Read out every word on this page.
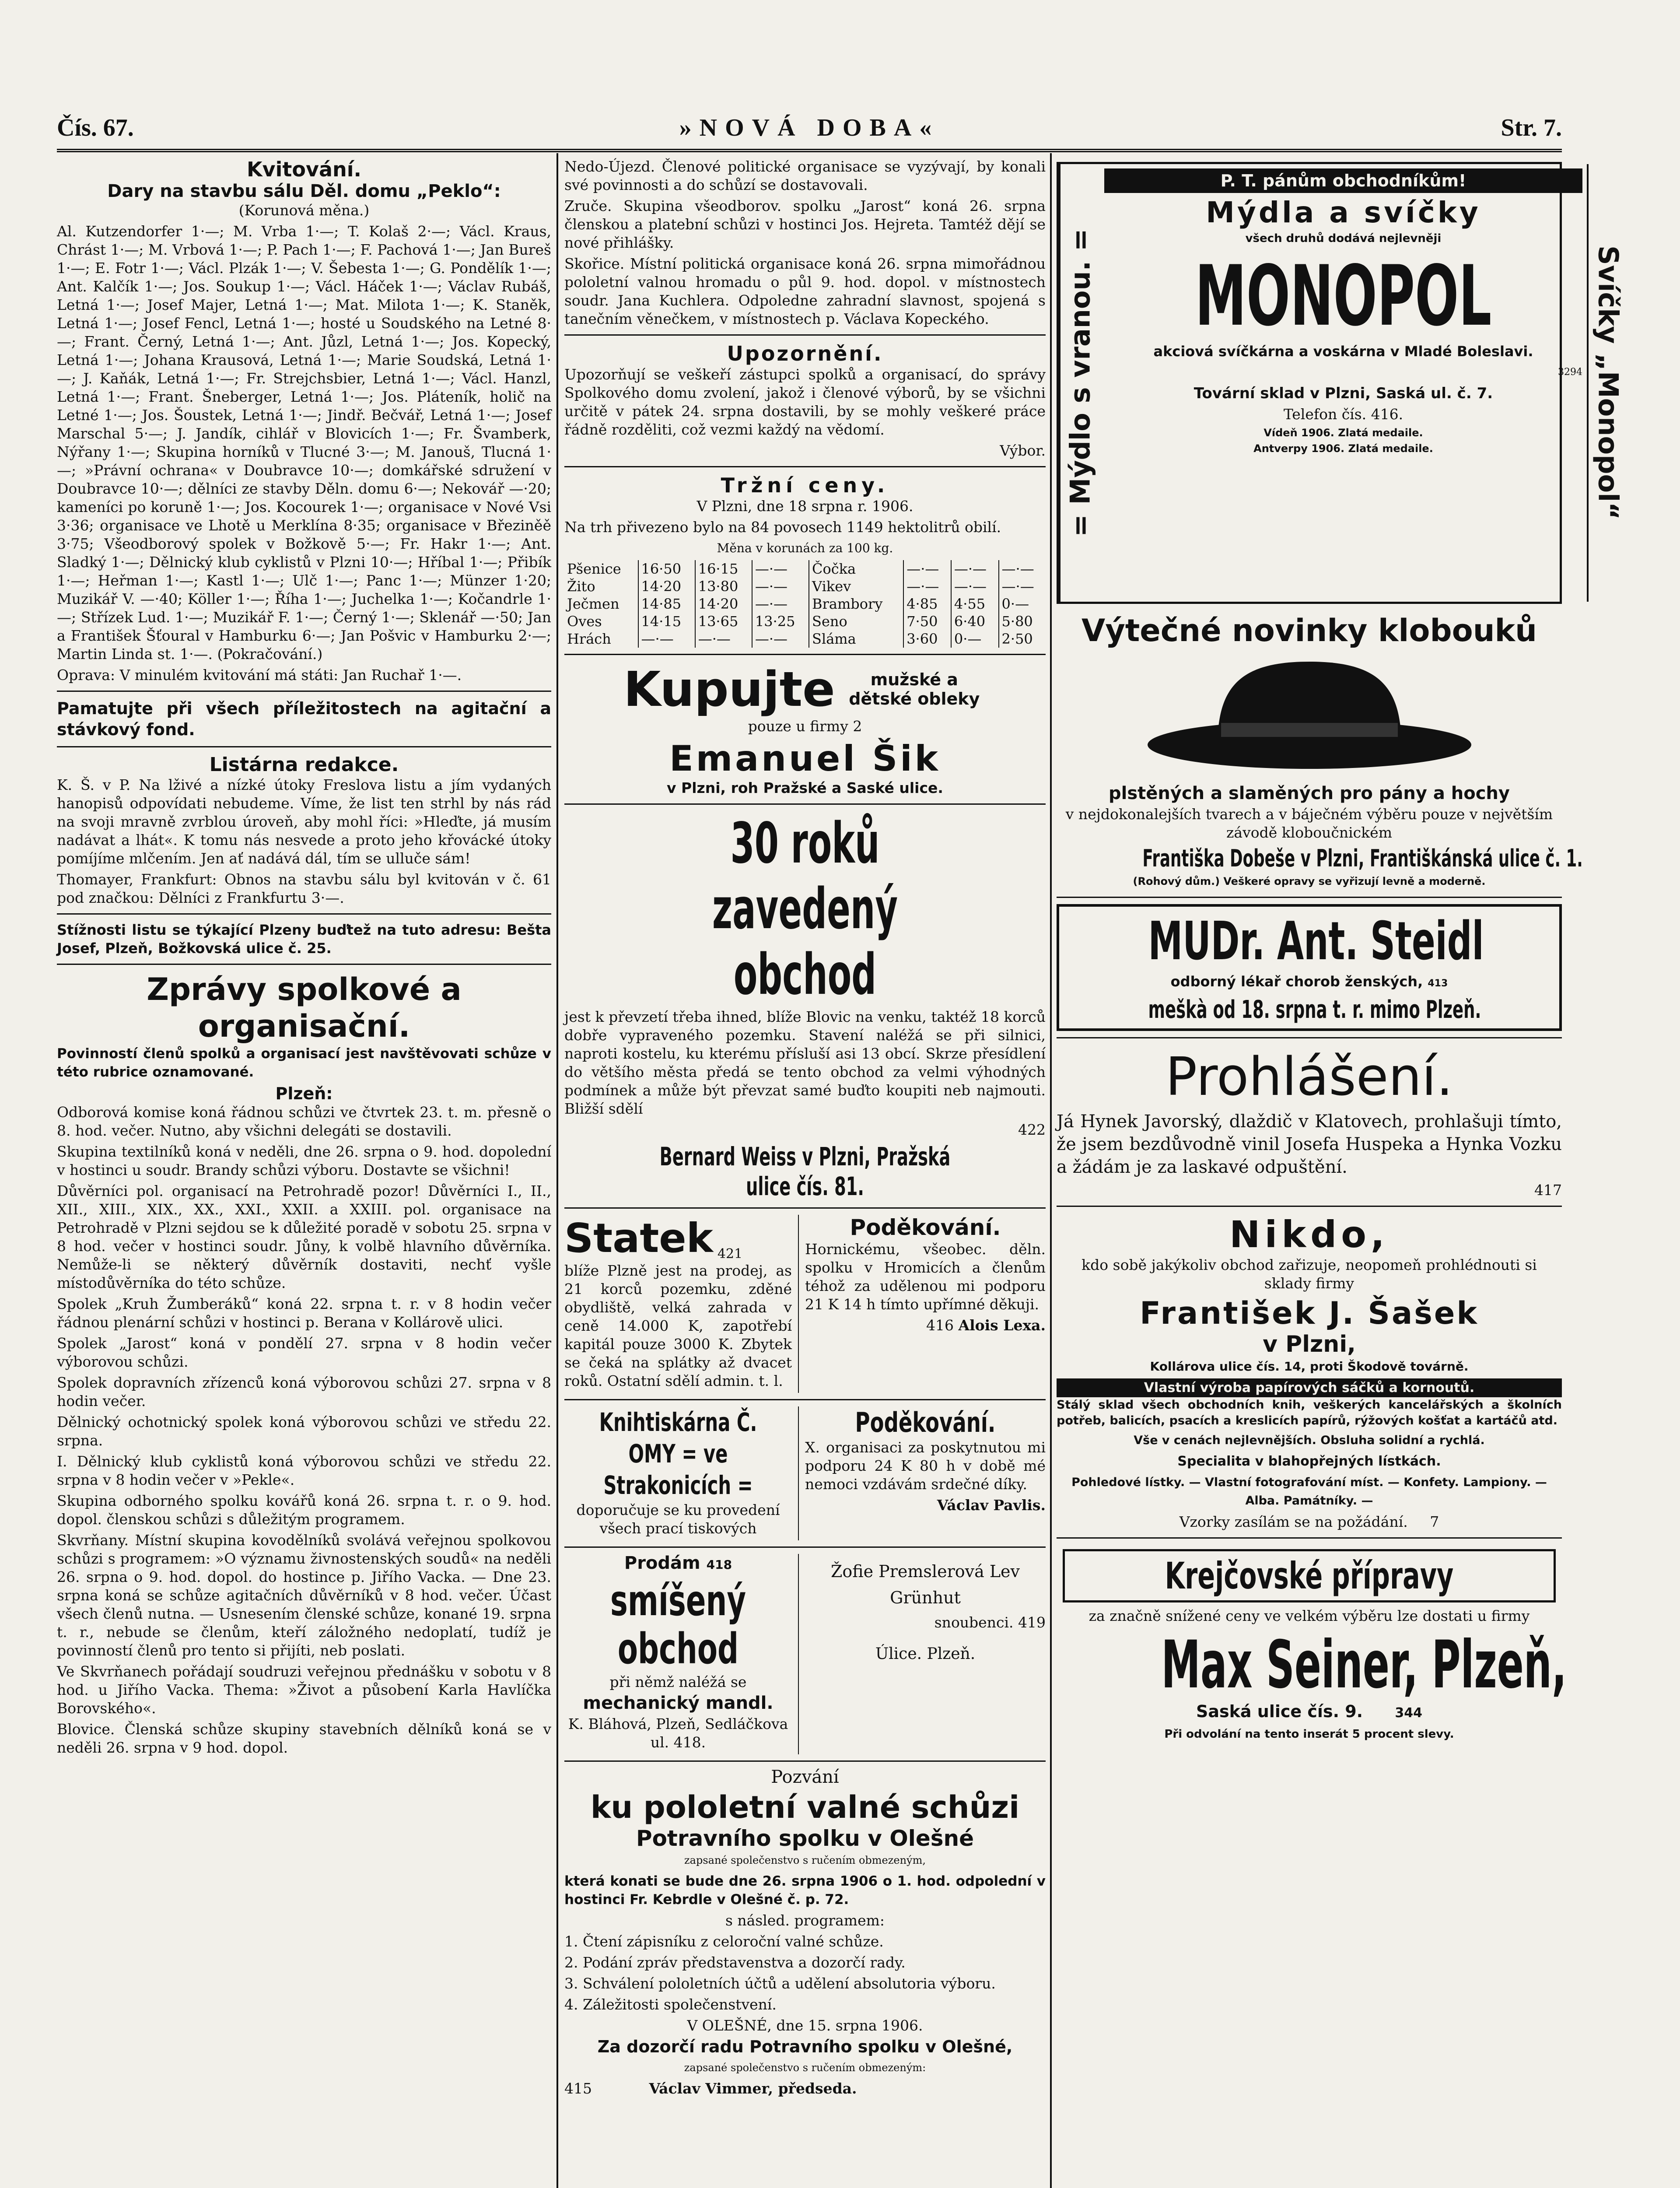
Čís. 67.	»NOVÁ DOBA«	Str. 7.
Kvitování.
Dary na stavbu sálu Děl. domu „Peklo“:

(Korunová měna.)

Al. Kutzendorfer 1·—; M. Vrba 1·—; T. Kolaš 2·—; Václ. Kraus, Chrást 1·—; M. Vrbová 1·—; P. Pach 1·—; F. Pachová 1·—; Jan Bureš 1·—; E. Fotr 1·—; Václ. Plzák 1·—; V. Šebesta 1·—; G. Pondělík 1·—; Ant. Kalčík 1·—; Jos. Soukup 1·—; Václ. Háček 1·—; Václav Rubáš, Letná 1·—; Josef Majer, Letná 1·—; Mat. Milota 1·—; K. Staněk, Letná 1·—; Josef Fencl, Letná 1·—; hosté u Soudského na Letné 8·—; Frant. Černý, Letná 1·—; Ant. Jůzl, Letná 1·—; Jos. Kopecký, Letná 1·—; Johana Krausová, Letná 1·—; Marie Soudská, Letná 1·—; J. Kaňák, Letná 1·—; Fr. Strejchsbier, Letná 1·—; Václ. Hanzl, Letná 1·—; Frant. Šneberger, Letná 1·—; Jos. Pláteník, holič na Letné 1·—; Jos. Šoustek, Letná 1·—; Jindř. Bečvář, Letná 1·—; Josef Marschal 5·—; J. Jandík, cihlář v Blovicích 1·—; Fr. Švamberk, Nýřany 1·—; Skupina horníků v Tlucné 3·—; M. Janouš, Tlucná 1·—; »Právní ochrana« v Doubravce 10·—; domkářské sdružení v Doubravce 10·—; dělníci ze stavby Děln. domu 6·—; Nekovář —·20; kameníci po koruně 1·—; Jos. Kocourek 1·—; organisace v Nové Vsi 3·36; organisace ve Lhotě u Merklína 8·35; organisace v Březiněě 3·75; Všeodborový spolek v Božkově 5·—; Fr. Hakr 1·—; Ant. Sladký 1·—; Dělnický klub cyklistů v Plzni 10·—; Hříbal 1·—; Přibík 1·—; Heřman 1·—; Kastl 1·—; Ulč 1·—; Panc 1·—; Münzer 1·20; Muzikář V. —·40; Köller 1·—; Říha 1·—; Juchelka 1·—; Kočandrle 1·—; Střízek Lud. 1·—; Muzikář F. 1·—; Černý 1·—; Sklenář —·50; Jan a František Šťoural v Hamburku 6·—; Jan Pošvic v Hamburku 2·—; Martin Linda st. 1·—. (Pokračování.)

Oprava: V minulém kvitování má státi: Jan Ruchař 1·—.

Pamatujte při všech příležitostech na agitační a stávkový fond.

Listárna redakce.

K. Š. v P. Na lživé a nízké útoky Freslova listu a jím vydaných hanopisů odpovídati nebudeme. Víme, že list ten strhl by nás rád na svoji mravně zvrblou úroveň, aby mohl říci: »Hleďte, já musím nadávat a lhát«. K tomu nás nesvede a proto jeho křovácké útoky pomíjíme mlčením. Jen ať nadává dál, tím se ulluče sám!

Thomayer, Frankfurt: Obnos na stavbu sálu byl kvitován v č. 61 pod značkou: Dělníci z Frankfurtu 3·—.

Stížnosti listu se týkající Plzeny buďtež na tuto adresu: Bešta Josef, Plzeň, Božkovská ulice č. 25.

Zprávy spolkové a organisační.

Povinností členů spolků a organisací jest navštěvovati schůze v této rubrice oznamované.

Plzeň:

Odborová komise koná řádnou schůzi ve čtvrtek 23. t. m. přesně o 8. hod. večer. Nutno, aby všichni delegáti se dostavili.

Skupina textilníků koná v neděli, dne 26. srpna o 9. hod. dopolední v hostinci u soudr. Brandy schůzi výboru. Dostavte se všichni!

Důvěrníci pol. organisací na Petrohradě pozor! Důvěrníci I., II., XII., XIII., XIX., XX., XXI., XXII. a XXIII. pol. organisace na Petrohradě v Plzni sejdou se k důležité poradě v sobotu 25. srpna v 8 hod. večer v hostinci soudr. Jůny, k volbě hlavního důvěrníka. Nemůže-li se některý důvěrník dostaviti, nechť vyšle místodůvěrníka do této schůze.

Spolek „Kruh Žumberáků“ koná 22. srpna t. r. v 8 hodin večer řádnou plenární schůzi v hostinci p. Berana v Kollárově ulici.

Spolek „Jarost“ koná v pondělí 27. srpna v 8 hodin večer výborovou schůzi.

Spolek dopravních zřízenců koná výborovou schůzi 27. srpna v 8 hodin večer.

Dělnický ochotnický spolek koná výborovou schůzi ve středu 22. srpna.

I. Dělnický klub cyklistů koná výborovou schůzi ve středu 22. srpna v 8 hodin večer v »Pekle«.

Skupina odborného spolku kovářů koná 26. srpna t. r. o 9. hod. dopol. členskou schůzi s důležitým programem.

Skvrňany. Místní skupina kovodělníků svolává veřejnou spolkovou schůzi s programem: »O významu živnostenských soudů« na neděli 26. srpna o 9. hod. dopol. do hostince p. Jiřího Vacka. — Dne 23. srpna koná se schůze agitačních důvěrníků v 8 hod. večer. Účast všech členů nutna. — Usnesením členské schůze, konané 19. srpna t. r., nebude se členům, kteří záložného nedoplatí, tudíž je povinností členů pro tento si přijíti, neb poslati.

Ve Skvrňanech pořádají soudruzi veřejnou přednášku v sobotu v 8 hod. u Jiřího Vacka. Thema: »Život a působení Karla Havlíčka Borovského«.

Blovice. Členská schůze skupiny stavebních dělníků koná se v neděli 26. srpna v 9 hod. dopol.

Nedo-Újezd. Členové politické organisace se vyzývají, by konali své povinnosti a do schůzí se dostavovali.

Zruče. Skupina všeodborov. spolku „Jarost“ koná 26. srpna členskou a platební schůzi v hostinci Jos. Hejreta. Tamtéž dějí se nové přihlášky.

Skořice. Místní politická organisace koná 26. srpna mimořádnou pololetní valnou hromadu o půl 9. hod. dopol. v místnostech soudr. Jana Kuchlera. Odpoledne zahradní slavnost, spojená s tanečním věnečkem, v místnostech p. Václava Kopeckého.

Upozornění.

Upozorňují se veškeří zástupci spolků a organisací, do správy Spolkového domu zvolení, jakož i členové výborů, by se všichni určitě v pátek 24. srpna dostavili, by se mohly veškeré práce řádně rozděliti, což vezmi každý na vědomí.

Výbor.

Tržní ceny.

V Plzni, dne 18 srpna r. 1906.

Na trh přivezeno bylo na 84 povosech 1149 hektolitrů obilí.

Měna v korunách za 100 kg.

Pšenice	16·50	16·15	—·—	Čočka	—·—	—·—	—·—
Žito	14·20	13·80	—·—	Vikev	—·—	—·—	—·—
Ječmen	14·85	14·20	—·—	Brambory	4·85	4·55	0·—
Oves	14·15	13·65	13·25	Seno	7·50	6·40	5·80
Hrách	—·—	—·—	—·—	Sláma	3·60	0·—	2·50
Kupujte	mužské a dětské obleky

pouze u firmy 2

Emanuel Šik

v Plzni, roh Pražské a Saské ulice.

30 roků zavedený obchod

jest k převzetí třeba ihned, blíže Blovic na venku, taktéž 18 korců dobře vypraveného pozemku. Stavení naléžá se při silnici, naproti kostelu, ku kterému přísluší asi 13 obcí. Skrze přesídlení do většího města předá se tento obchod za velmi výhodných podmínek a může být převzat samé buďto koupiti neb najmouti. Bližší sdělí

422

Bernard Weiss v Plzni, Pražská ulice čís. 81.
Statek 421

blíže Plzně jest na prodej, as 21 korců pozemku, zděné obydliště, velká zahrada v ceně 14.000 K, zapotřebí kapitál pouze 3000 K. Zbytek se čeká na splátky až dvacet roků. Ostatní sdělí admin. t. l.

Poděkování.

Hornickému, všeobec. děln. spolku v Hromicích a členům téhož za udělenou mi podporu 21 K 14 h tímto upřímné děkuji.

416 Alois Lexa.

Knihtiskárna Č. OMY = ve Strakonicích =

doporučuje se ku provedení všech prací tiskových

Poděkování.

X. organisaci za poskytnutou mi podporu 24 K 80 h v době mé nemoci vzdávám srdečné díky.

Václav Pavlis.

Prodám 418

smíšený obchod

při němž naléžá se

mechanický mandl.

K. Bláhová, Plzeň, Sedláčkova ul. 418.

Žofie Premslerová Lev Grünhut

snoubenci. 419

Úlice. Plzeň.

Pozvání

ku pololetní valné schůzi
Potravního spolku v Olešné

zapsané společenstvo s ručením obmezeným,

která konati se bude dne 26. srpna 1906 o 1. hod. odpolední v hostinci Fr. Kebrdle v Olešné č. p. 72.

s násled. programem:

1. Čtení zápisníku z celoroční valné schůze.

2. Podání zpráv představenstva a dozorčí rady.

3. Schválení pololetních účtů a udělení absolutoria výboru.

4. Záležitosti společenstvení.

V OLEŠNÉ, dne 15. srpna 1906.

Za dozorčí radu Potravního spolku v Olešné,

zapsané společenstvo s ručením obmezeným:

415	Václav Vimmer, předseda.

= Mýdlo s vranou. =
P. T. pánům obchodníkům!
Mýdla a svíčky

všech druhů dodává nejlevněji

MONOPOL

akciová svíčkárna a voskárna v Mladé Boleslavi.

3294

Tovární sklad v Plzni, Saská ul. č. 7.

Telefon čís. 416.

Vídeň 1906. Zlatá medaile.

Antverpy 1906. Zlatá medaile.	Svíčky „Monopol“
Výtečné novinky klobouků

plstěných a slaměných pro pány a hochy

v nejdokonalejších tvarech a v báječném výběru pouze v největším závodě kloboučnickém

Františka Dobeše v Plzni, Františkánská ulice č. 1.

(Rohový dům.) Veškeré opravy se vyřizují levně a moderně.

MUDr. Ant. Steidl

odborný lékař chorob ženských, 413

meškà od 18. srpna t. r. mimo Plzeň.
Prohlášení.

Já Hynek Javorský, dlaždič v Klatovech, prohlašuji tímto, že jsem bezdůvodně vinil Josefa Huspeka a Hynka Vozku a žádám je za laskavé odpuštění.

417

Nikdo,

kdo sobě jakýkoliv obchod zařizuje, neopomeň prohlédnouti si sklady firmy

František J. Šašek
v Plzni,

Kollárova ulice čís. 14, proti Škodově továrně.

Vlastní výroba papírových sáčků a kornoutů.

Stálý sklad všech obchodních knih, veškerých kancelářských a školních potřeb, balicích, psacích a kreslicích papírů, rýžových košťat a kartáčů atd.

Vše v cenách nejlevnějších. Obsluha solidní a rychlá.

Specialita v blahopřejných lístkách.

Pohledové lístky. — Vlastní fotografování míst. — Konfety. Lampiony. — Alba. Památníky. —

Vzorky zasílám se na požádání. 7

Krejčovské přípravy

za značně snížené ceny ve velkém výběru lze dostati u firmy

Max Seiner, Plzeň,

Saská ulice čís. 9. 344

Při odvolání na tento inserát 5 procent slevy.
